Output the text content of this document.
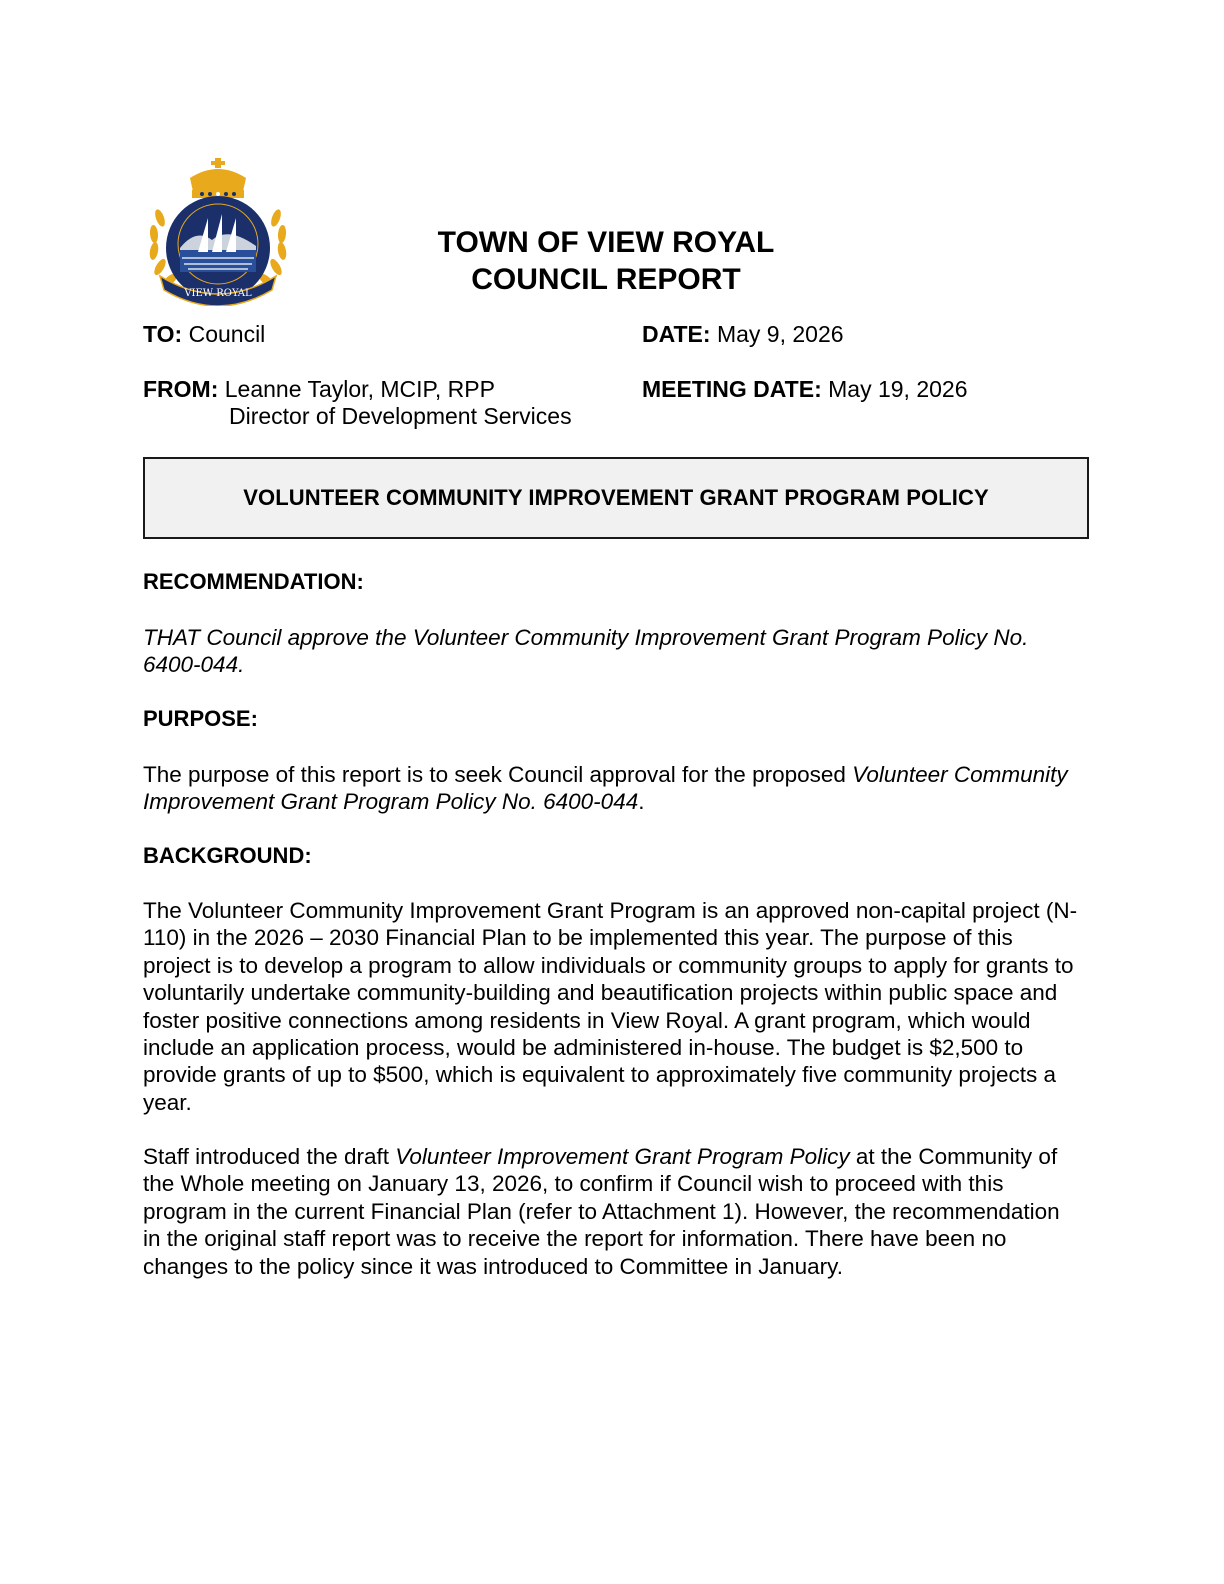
VIEW ROYAL
TOWN OF VIEW ROYAL
COUNCIL REPORT
TO: Council	DATE: May 9, 2026
FROM: Leanne Taylor, MCIP, RPP
Director of Development Services
MEETING DATE: May 19, 2026
VOLUNTEER COMMUNITY IMPROVEMENT GRANT PROGRAM POLICY
RECOMMENDATION:
THAT Council approve the Volunteer Community Improvement Grant Program Policy No. 6400-044.
PURPOSE:
The purpose of this report is to seek Council approval for the proposed Volunteer Community Improvement Grant Program Policy No. 6400-044.
BACKGROUND:
The Volunteer Community Improvement Grant Program is an approved non-capital project (N-110) in the 2026 – 2030 Financial Plan to be implemented this year. The purpose of this project is to develop a program to allow individuals or community groups to apply for grants to voluntarily undertake community-building and beautification projects within public space and foster positive connections among residents in View Royal. A grant program, which would include an application process, would be administered in-house. The budget is $2,500 to provide grants of up to $500, which is equivalent to approximately five community projects a year.
Staff introduced the draft Volunteer Improvement Grant Program Policy at the Community of the Whole meeting on January 13, 2026, to confirm if Council wish to proceed with this program in the current Financial Plan (refer to Attachment 1). However, the recommendation in the original staff report was to receive the report for information. There have been no changes to the policy since it was introduced to Committee in January.
